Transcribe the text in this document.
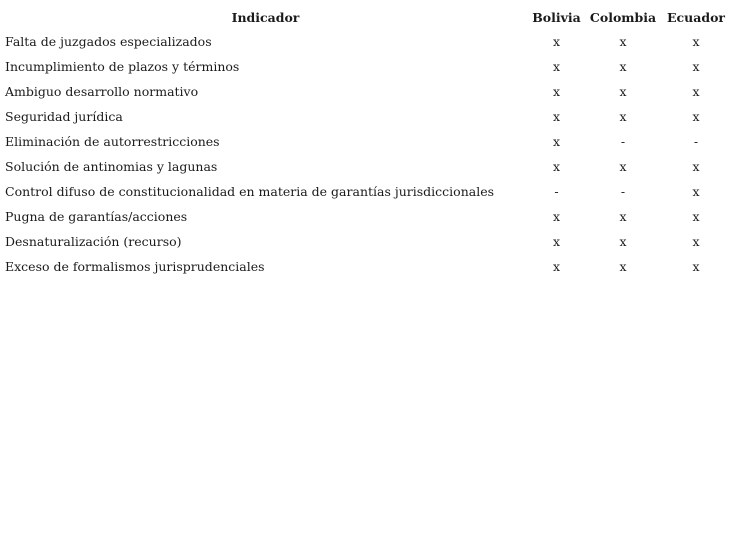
Indicador	Bolivia	Colombia	Ecuador
Falta de juzgados especializados	x	x	x
Incumplimiento de plazos y términos	x	x	x
Ambiguo desarrollo normativo	x	x	x
Seguridad jurídica	x	x	x
Eliminación de autorrestricciones	x	-	-
Solución de antinomias y lagunas	x	x	x
Control difuso de constitucionalidad en materia de garantías jurisdiccionales	-	-	x
Pugna de garantías/acciones	x	x	x
Desnaturalización (recurso)	x	x	x
Exceso de formalismos jurisprudenciales	x	x	x
